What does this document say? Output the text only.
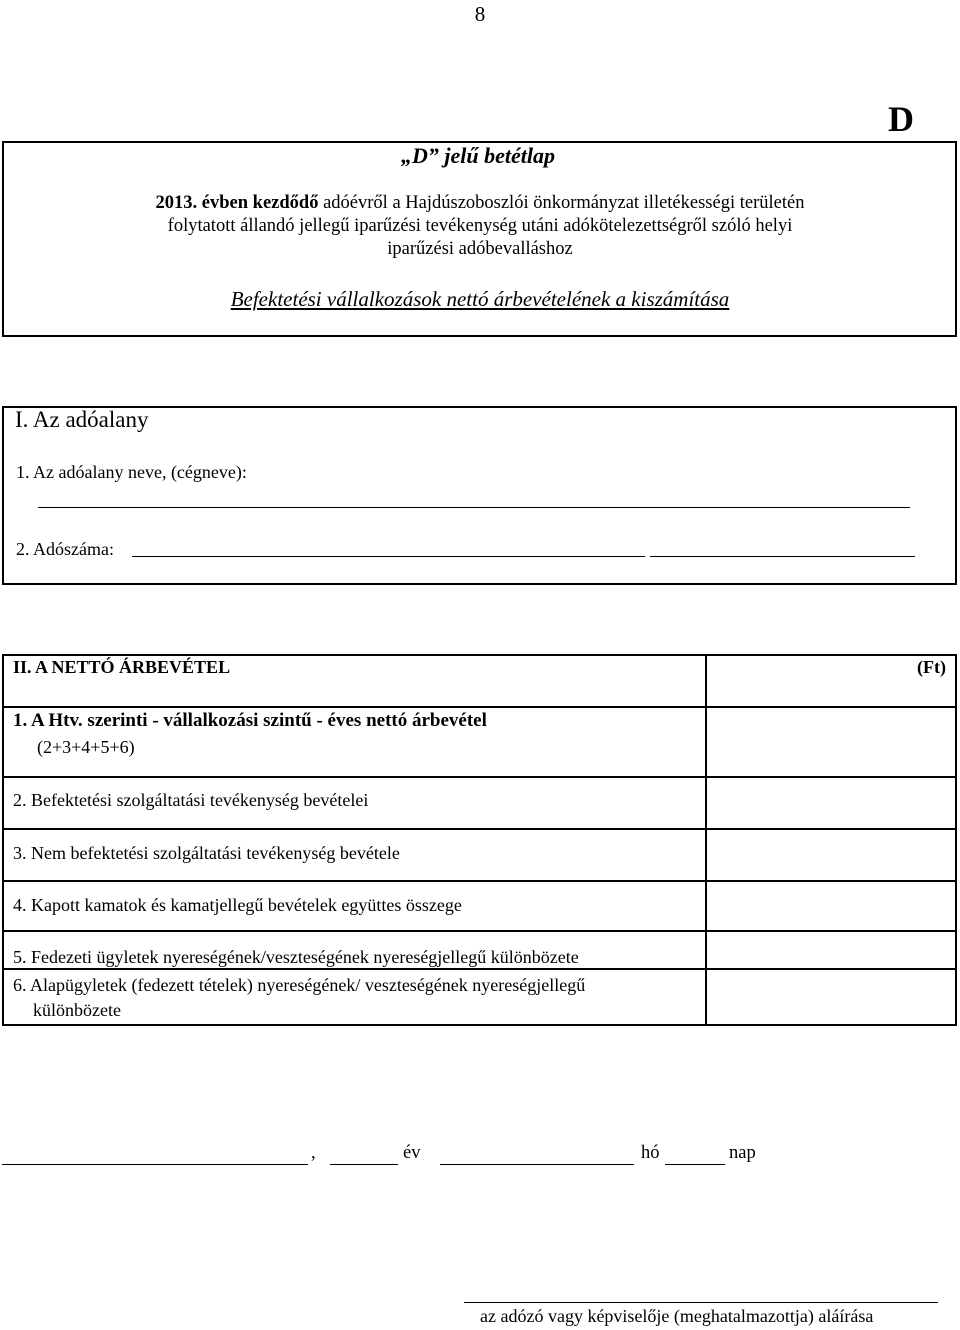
8
D
„D” jelű betétlap
2013. évben kezdődő adóévről a Hajdúszoboszlói önkormányzat illetékességi területén
folytatott állandó jellegű iparűzési tevékenység utáni adókötelezettségről szóló helyi
iparűzési adóbevalláshoz
Befektetési vállalkozások nettó árbevételének a kiszámítása
I. Az adóalany
1. Az adóalany neve, (cégneve):
2. Adószáma:
II. A NETTÓ ÁRBEVÉTEL	(Ft)
1. A Htv. szerinti - vállalkozási szintű - éves nettó árbevétel
(2+3+4+5+6)
2. Befektetési szolgáltatási tevékenység bevételei
3. Nem befektetési szolgáltatási tevékenység bevétele
4. Kapott kamatok és kamatjellegű bevételek együttes összege
5. Fedezeti ügyletek nyereségének/veszteségének nyereségjellegű különbözete
6. Alapügyletek (fedezett tételek) nyereségének/ veszteségének nyereségjellegű
különbözete
,	év	hó	nap
az adózó vagy képviselője (meghatalmazottja) aláírása
